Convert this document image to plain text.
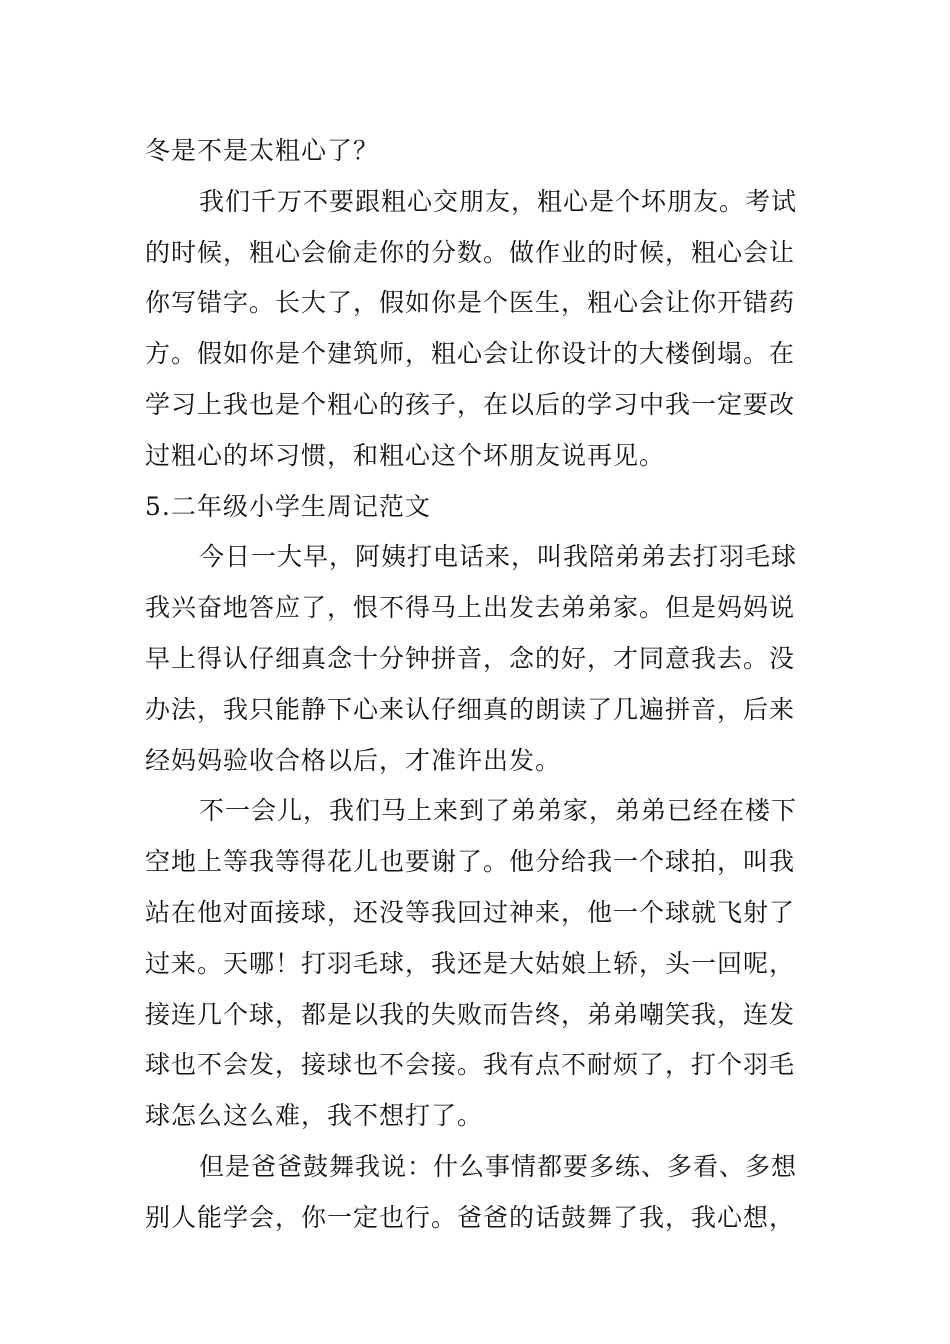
冬是不是太粗心了？
我们千万不要跟粗心交朋友，粗心是个坏朋友。考试
的时候，粗心会偷走你的分数。做作业的时候，粗心会让
你写错字。长大了，假如你是个医生，粗心会让你开错药
方。假如你是个建筑师，粗心会让你设计的大楼倒塌。在
学习上我也是个粗心的孩子，在以后的学习中我一定要改
过粗心的坏习惯，和粗心这个坏朋友说再见。
5.二年级小学生周记范文
今日一大早，阿姨打电话来，叫我陪弟弟去打羽毛球
我兴奋地答应了，恨不得马上出发去弟弟家。但是妈妈说
早上得认仔细真念十分钟拼音，念的好，才同意我去。没
办法，我只能静下心来认仔细真的朗读了几遍拼音，后来
经妈妈验收合格以后，才准许出发。
不一会儿，我们马上来到了弟弟家，弟弟已经在楼下
空地上等我等得花儿也要谢了。他分给我一个球拍，叫我
站在他对面接球，还没等我回过神来，他一个球就飞射了
过来。天哪！打羽毛球，我还是大姑娘上轿，头一回呢，
接连几个球，都是以我的失败而告终，弟弟嘲笑我，连发
球也不会发，接球也不会接。我有点不耐烦了，打个羽毛
球怎么这么难，我不想打了。
但是爸爸鼓舞我说：什么事情都要多练、多看、多想
别人能学会，你一定也行。爸爸的话鼓舞了我，我心想，
